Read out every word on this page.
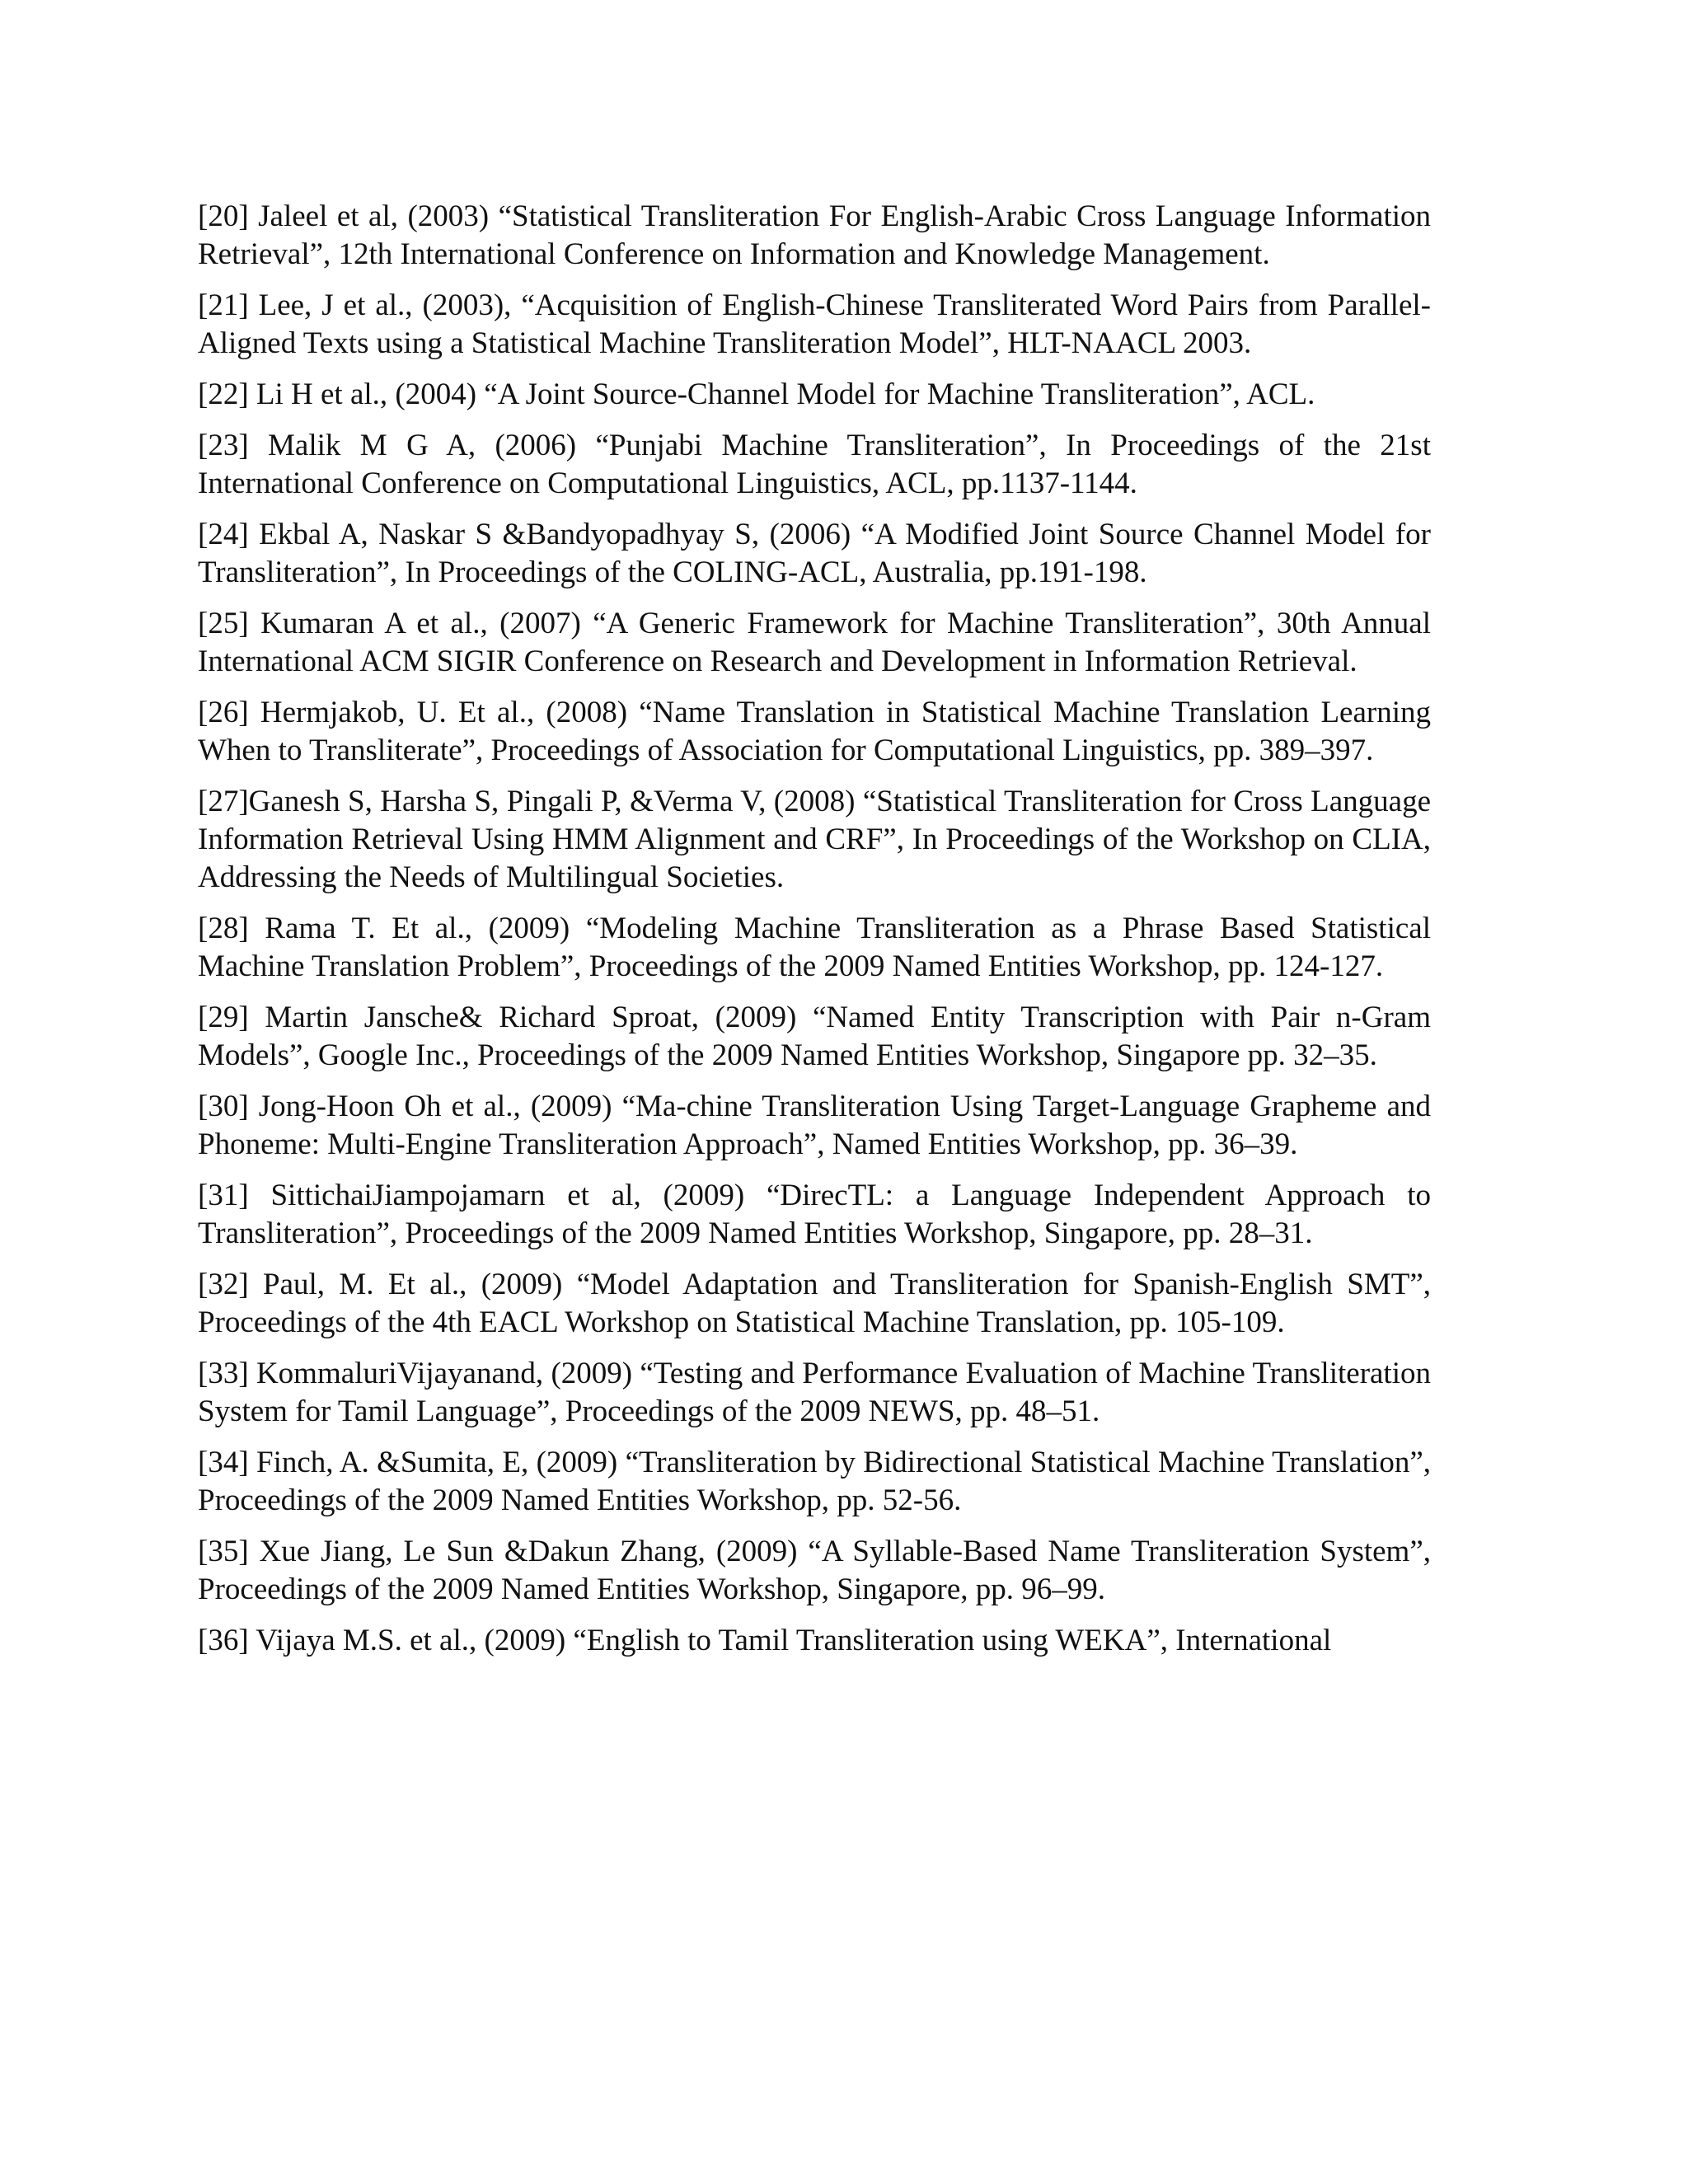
[20] Jaleel et al, (2003) “Statistical Transliteration For English-Arabic Cross Language Information Retrieval”, 12th International Conference on Information and Knowledge Management.
[21] Lee, J et al., (2003), “Acquisition of English-Chinese Transliterated Word Pairs from Parallel-Aligned Texts using a Statistical Machine Transliteration Model”, HLT-NAACL 2003.
[22] Li H et al., (2004) “A Joint Source-Channel Model for Machine Transliteration”, ACL.
[23] Malik M G A, (2006) “Punjabi Machine Transliteration”, In Proceedings of the 21st International Conference on Computational Linguistics, ACL, pp.1137-1144.
[24] Ekbal A, Naskar S &Bandyopadhyay S, (2006) “A Modified Joint Source Channel Model for Transliteration”, In Proceedings of the COLING-ACL, Australia, pp.191-198.
[25] Kumaran A et al., (2007) “A Generic Framework for Machine Transliteration”, 30th Annual International ACM SIGIR Conference on Research and Development in Information Retrieval.
[26] Hermjakob, U. Et al., (2008) “Name Translation in Statistical Machine Translation Learning When to Transliterate”, Proceedings of Association for Computational Linguistics, pp. 389–397.
[27]Ganesh S, Harsha S, Pingali P, &Verma V, (2008) “Statistical Transliteration for Cross Language Information Retrieval Using HMM Alignment and CRF”, In Proceedings of the Workshop on CLIA, Addressing the Needs of Multilingual Societies.
[28] Rama T. Et al., (2009) “Modeling Machine Transliteration as a Phrase Based Statistical Machine Translation Problem”, Proceedings of the 2009 Named Entities Workshop, pp. 124-127.
[29] Martin Jansche& Richard Sproat, (2009) “Named Entity Transcription with Pair n-Gram Models”, Google Inc., Proceedings of the 2009 Named Entities Workshop, Singapore pp. 32–35.
[30] Jong-Hoon Oh et al., (2009) “Ma-chine Transliteration Using Target-Language Grapheme and Phoneme: Multi-Engine Transliteration Approach”, Named Entities Workshop, pp. 36–39.
[31] SittichaiJiampojamarn et al, (2009) “DirecTL: a Language Independent Approach to Transliteration”, Proceedings of the 2009 Named Entities Workshop, Singapore, pp. 28–31.
[32] Paul, M. Et al., (2009) “Model Adaptation and Transliteration for Spanish-English SMT”, Proceedings of the 4th EACL Workshop on Statistical Machine Translation, pp. 105-109.
[33] KommaluriVijayanand, (2009) “Testing and Performance Evaluation of Machine Transliteration System for Tamil Language”, Proceedings of the 2009 NEWS, pp. 48–51.
[34] Finch, A. &Sumita, E, (2009) “Transliteration by Bidirectional Statistical Machine Translation”, Proceedings of the 2009 Named Entities Workshop, pp. 52-56.
[35] Xue Jiang, Le Sun &Dakun Zhang, (2009) “A Syllable-Based Name Transliteration System”, Proceedings of the 2009 Named Entities Workshop, Singapore, pp. 96–99.
[36] Vijaya M.S. et al., (2009) “English to Tamil Transliteration using WEKA”, International
